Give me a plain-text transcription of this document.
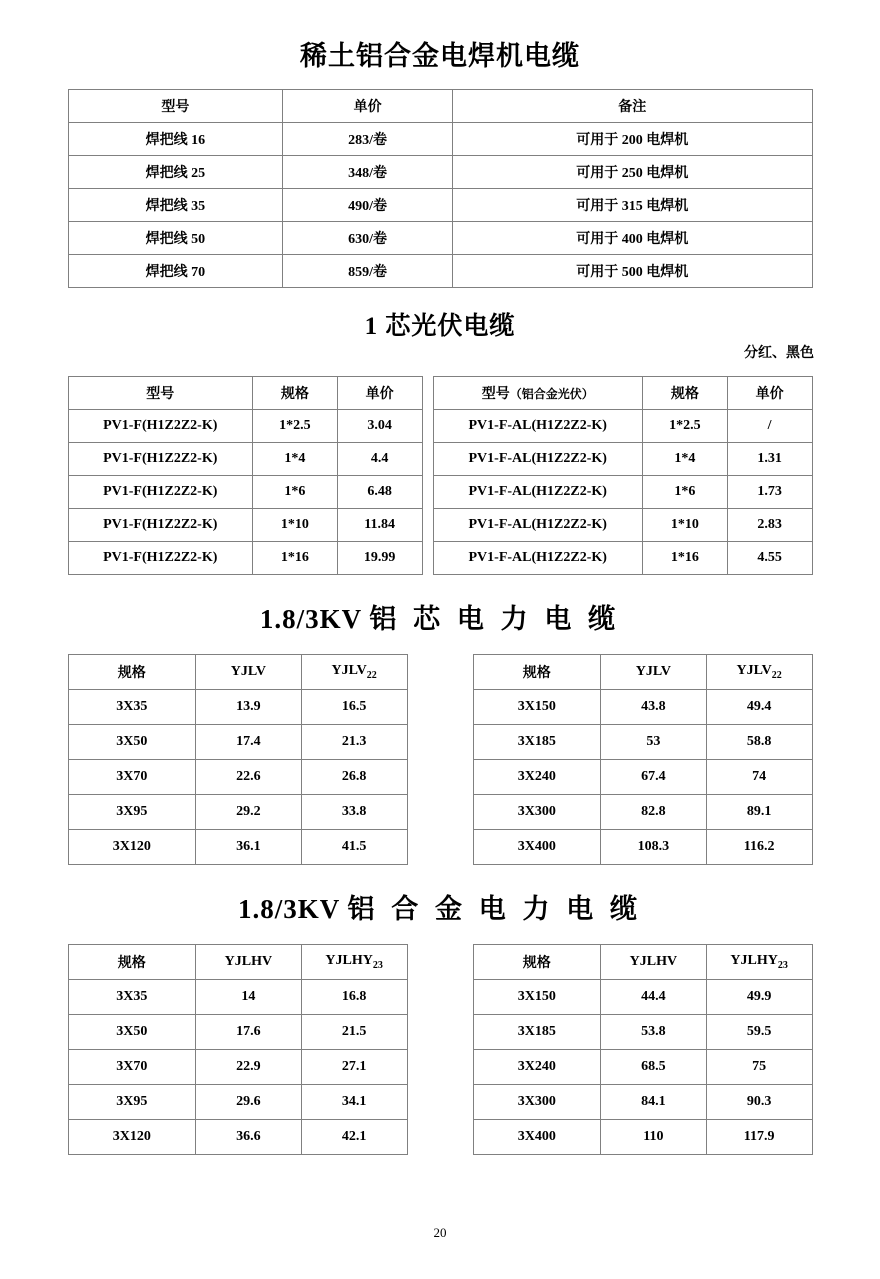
稀土铝合金电焊机电缆
型号	单价	备注
焊把线 16	283/卷	可用于 200 电焊机
焊把线 25	348/卷	可用于 250 电焊机
焊把线 35	490/卷	可用于 315 电焊机
焊把线 50	630/卷	可用于 400 电焊机
焊把线 70	859/卷	可用于 500 电焊机
1 芯光伏电缆
分红、黑色
型号	规格	单价
PV1-F(H1Z2Z2-K)	1*2.5	3.04
PV1-F(H1Z2Z2-K)	1*4	4.4
PV1-F(H1Z2Z2-K)	1*6	6.48
PV1-F(H1Z2Z2-K)	1*10	11.84
PV1-F(H1Z2Z2-K)	1*16	19.99
型号（铝合金光伏）	规格	单价
PV1-F-AL(H1Z2Z2-K)	1*2.5	/
PV1-F-AL(H1Z2Z2-K)	1*4	1.31
PV1-F-AL(H1Z2Z2-K)	1*6	1.73
PV1-F-AL(H1Z2Z2-K)	1*10	2.83
PV1-F-AL(H1Z2Z2-K)	1*16	4.55
1.8/3KV 铝 芯 电 力 电 缆
规格	YJLV	$YJLV_{22}$
3X35	13.9	16.5
3X50	17.4	21.3
3X70	22.6	26.8
3X95	29.2	33.8
3X120	36.1	41.5
规格	YJLV	$YJLV_{22}$
3X150	43.8	49.4
3X185	53	58.8
3X240	67.4	74
3X300	82.8	89.1
3X400	108.3	116.2
1.8/3KV 铝 合 金 电 力 电 缆
规格	YJLHV	$YJLHY_{23}$
3X35	14	16.8
3X50	17.6	21.5
3X70	22.9	27.1
3X95	29.6	34.1
3X120	36.6	42.1
规格	YJLHV	$YJLHY_{23}$
3X150	44.4	49.9
3X185	53.8	59.5
3X240	68.5	75
3X300	84.1	90.3
3X400	110	117.9
20
